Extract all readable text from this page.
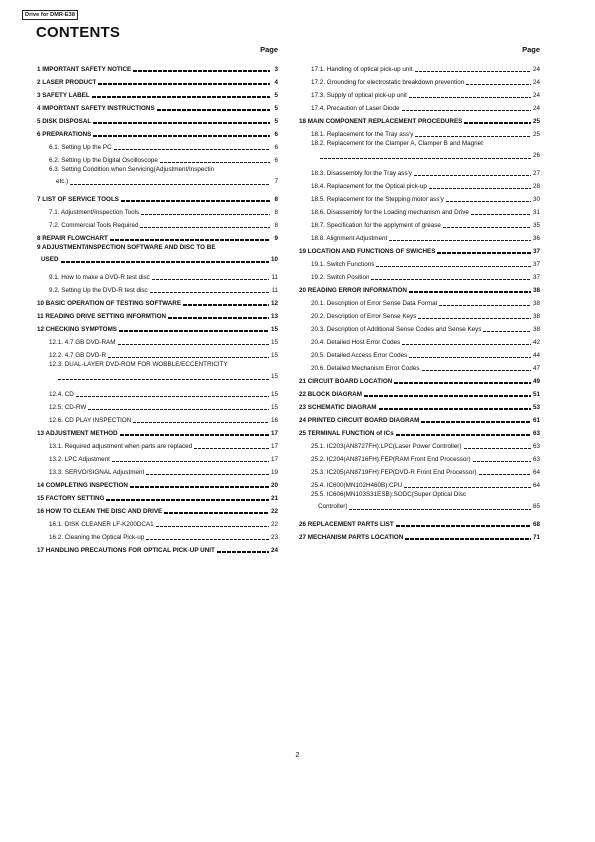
Drive for DMR-E38
CONTENTS
Page
1 IMPORTANT SAFETY NOTICE	3
2 LASER PRODUCT	4
3 SAFETY LABEL	5
4 IMPORTANT SAFETY INSTRUCTIONS	5
5 DISK DISPOSAL	5
6 PREPARATIONS	6
6.1. Setting Up the PC	6
6.2. Setting Up the Digital Oscilloscope	6
6.3. Setting Condition when Servicing(Adjustment/Inspectin
etc.)	7
7 LIST OF SERVICE TOOLS	8
7.1. Adjustment/Inspection Tools	8
7.2. Commercial Tools Required	8
8 REPAIR FLOWCHART	9
9 ADJUSTMENT/INSPECTION SOFTWARE AND DISC TO BE
USED	10
9.1. How to make a DVD-R test disc	11
9.2. Setting Up the DVD-R test disc	11
10 BASIC OPERATION OF TESTING SOFTWARE	12
11 READING DRIVE SETTING INFORMTION	13
12 CHECKING SYMPTOMS	15
12.1. 4.7 GB DVD-RAM	15
12.2. 4.7 GB DVD-R	15
12.3. DUAL-LAYER DVD-ROM FOR WOBBLE/ECCENTRICITY
15
12.4. CD	15
12.5. CD-RW	15
12.6. CD PLAY INSPECTION	16
13 ADJUSTMENT METHOD	17
13.1. Required adjustment when parts are replaced	17
13.2. LPC Adjustment	17
13.3. SERVO/SIGNAL Adjustment	19
14 COMPLETING INSPECTION	20
15 FACTORY SETTING	21
16 HOW TO CLEAN THE DISC AND DRIVE	22
16.1. DISK CLEANER LF-K200DCA1	22
16.2. Cleaning the Optical Pick-up	23
17 HANDLING PRECAUTIONS FOR OPTICAL PICK-UP UNIT	24
Page
17.1. Handling of optical pick-up unit	24
17.2. Grounding for electrostatic breakdown prevention	24
17.3. Supply of optical pick-up unit	24
17.4. Precaution of Laser Diode	24
18 MAIN COMPONENT REPLACEMENT PROCEDURES	25
18.1. Replacement for the Tray ass'y	25
18.2. Replacement for the Clamper A, Clamper B and Magnet
26
18.3. Disassembly for the Tray ass'y	27
18.4. Replacement for the Optical pick-up	28
18.5. Replacement for the Stepping motor ass'y	30
18.6. Disassembly for the Loading mechanism and Drive	31
18.7. Specification for the applyment of grease	35
18.8. Alignment Adjustment	36
19 LOCATION AND FUNCTIONS OF SWICHES	37
19.1. Switch Functions	37
19.2. Switch Position	37
20 READING ERROR INFORMATION	38
20.1. Description of Error Sense Data Format	38
20.2. Description of Error Sense Keys	38
20.3. Description of Additional Sense Codes and Sense Keys	38
20.4. Detailed Host Error Codes	42
20.5. Detailed Access Error Codes	44
20.6. Detailed Mechanism Error Codes	47
21 CIRCUIT BOARD LOCATION	49
22 BLOCK DIAGRAM	51
23 SCHEMATIC DIAGRAM	53
24 PRINTED CIRCUIT BOARD DIAGRAM	61
25 TERMINAL FUNCTION of ICs	63
25.1. IC203(AN8727FH):LPC(Laser Power Controller)	63
25.2. IC204(AN8716FH):FEP(RAM Front End Processor)	63
25.3. IC205(AN8719FH):FEP(DVD-R Front End Processor)	64
25.4. IC600(MN102H460B):CPU	64
25.5. IC606(MN103S31ESB):SODC(Super Optical Disc
Controller)	65
26 REPLACEMENT PARTS LIST	68
27 MECHANISM PARTS LOCATION	71
2
